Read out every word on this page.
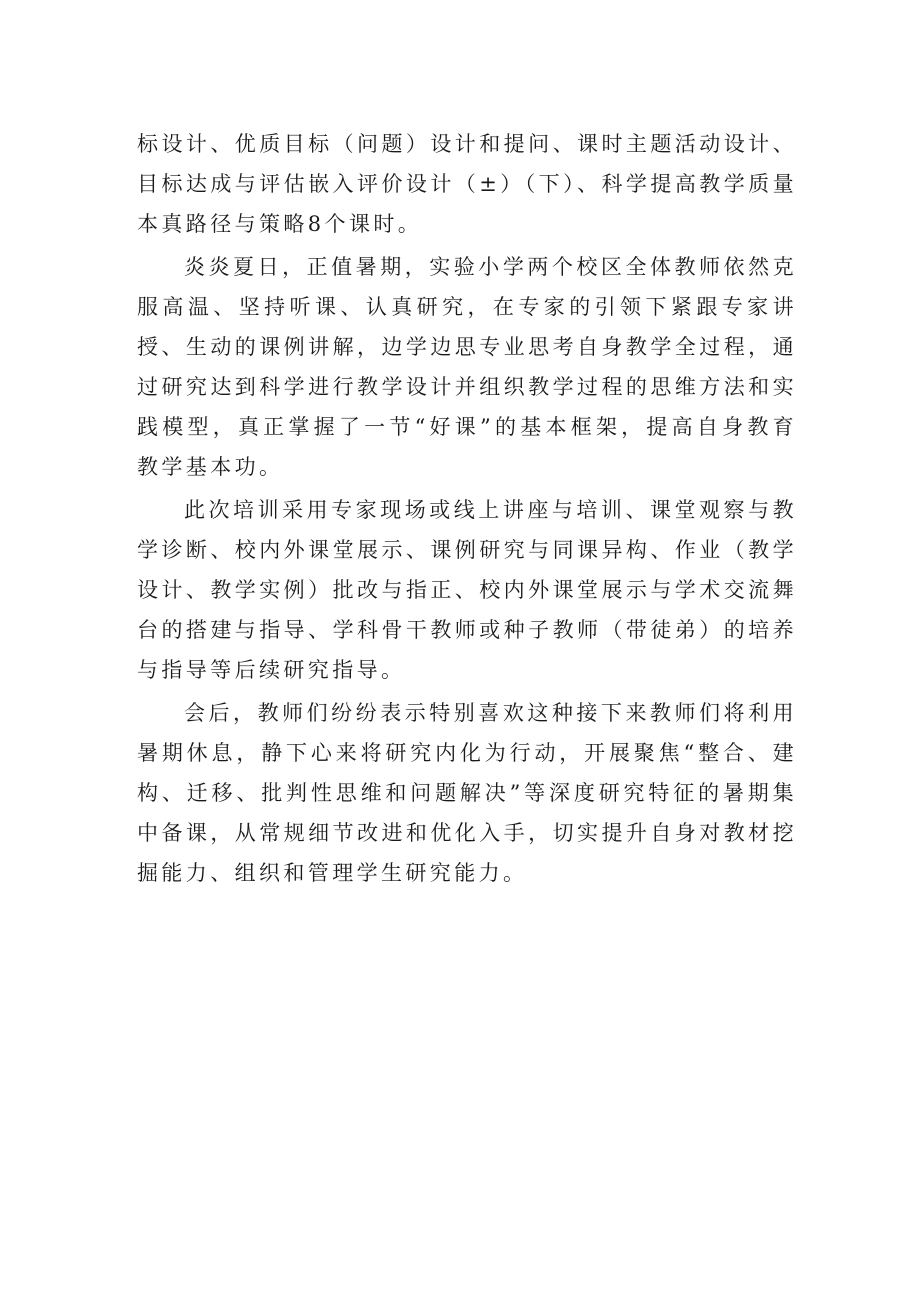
标设计、优质目标（问题）设计和提问、课时主题活动设计、目标达成与评估嵌入评价设计（±）（下）、科学提高教学质量本真路径与策略8个课时。

炎炎夏日，正值暑期，实验小学两个校区全体教师依然克服高温、坚持听课、认真研究，在专家的引领下紧跟专家讲授、生动的课例讲解，边学边思专业思考自身教学全过程，通过研究达到科学进行教学设计并组织教学过程的思维方法和实践模型，真正掌握了一节“好课”的基本框架，提高自身教育教学基本功。

此次培训采用专家现场或线上讲座与培训、课堂观察与教学诊断、校内外课堂展示、课例研究与同课异构、作业（教学设计、教学实例）批改与指正、校内外课堂展示与学术交流舞台的搭建与指导、学科骨干教师或种子教师（带徒弟）的培养与指导等后续研究指导。

会后，教师们纷纷表示特别喜欢这种接下来教师们将利用暑期休息，静下心来将研究内化为行动，开展聚焦“整合、建构、迁移、批判性思维和问题解决”等深度研究特征的暑期集中备课，从常规细节改进和优化入手，切实提升自身对教材挖掘能力、组织和管理学生研究能力。
